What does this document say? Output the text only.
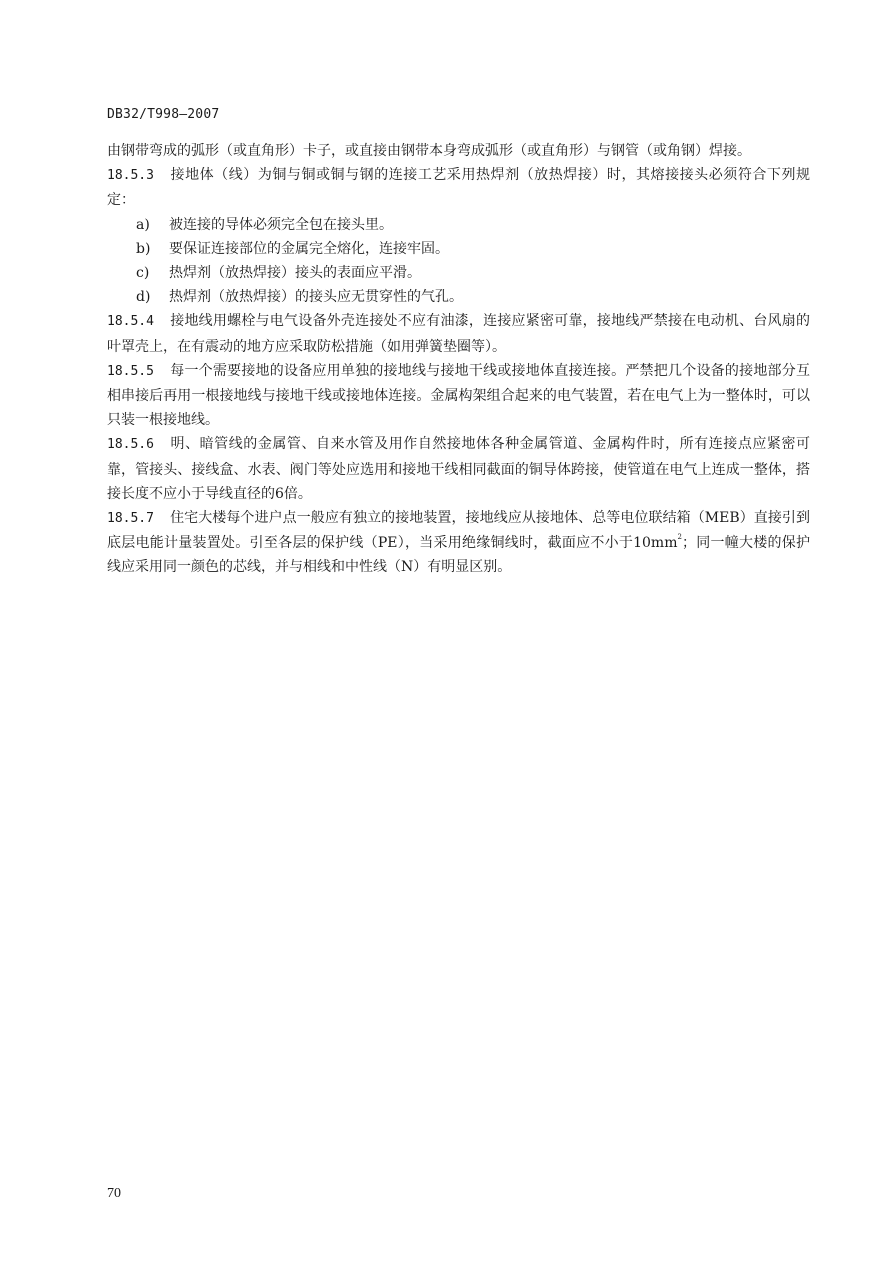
DB32/T998—2007

由钢带弯成的弧形（或直角形）卡子，或直接由钢带本身弯成弧形（或直角形）与钢管（或角钢）焊接。

18.5.3 接地体（线）为铜与铜或铜与钢的连接工艺采用热焊剂（放热焊接）时，其熔接接头必须符合下列规定：

a) 被连接的导体必须完全包在接头里。

b) 要保证连接部位的金属完全熔化，连接牢固。

c) 热焊剂（放热焊接）接头的表面应平滑。

d) 热焊剂（放热焊接）的接头应无贯穿性的气孔。

18.5.4 接地线用螺栓与电气设备外壳连接处不应有油漆，连接应紧密可靠，接地线严禁接在电动机、台风扇的叶罩壳上，在有震动的地方应采取防松措施（如用弹簧垫圈等）。

18.5.5 每一个需要接地的设备应用单独的接地线与接地干线或接地体直接连接。严禁把几个设备的接地部分互相串接后再用一根接地线与接地干线或接地体连接。金属构架组合起来的电气装置，若在电气上为一整体时，可以只装一根接地线。

18.5.6 明、暗管线的金属管、自来水管及用作自然接地体各种金属管道、金属构件时，所有连接点应紧密可靠，管接头、接线盒、水表、阀门等处应选用和接地干线相同截面的铜导体跨接，使管道在电气上连成一整体，搭接长度不应小于导线直径的6倍。

18.5.7 住宅大楼每个进户点一般应有独立的接地装置，接地线应从接地体、总等电位联结箱（MEB）直接引到底层电能计量装置处。引至各层的保护线（PE），当采用绝缘铜线时，截面应不小于$10mm^2$；同一幢大楼的保护线应采用同一颜色的芯线，并与相线和中性线（N）有明显区别。

70
